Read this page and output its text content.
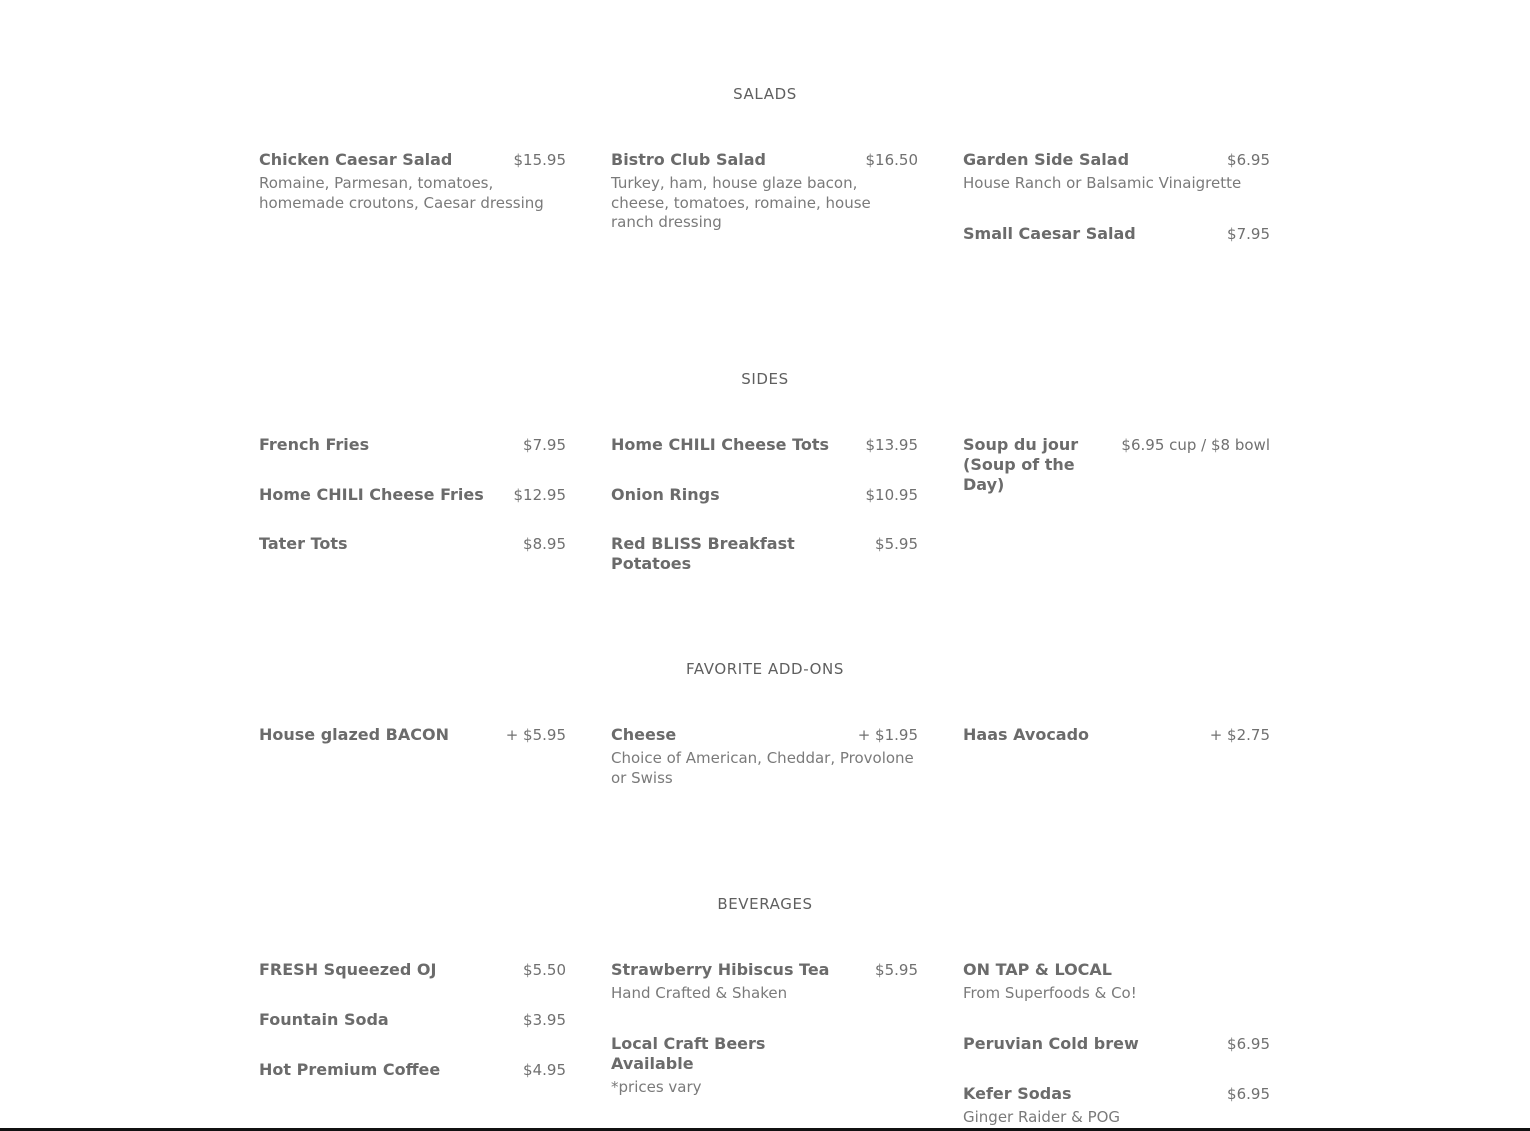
SALADS
Chicken Caesar Salad	$15.95
Romaine, Parmesan, tomatoes, homemade croutons, Caesar dressing
Bistro Club Salad	$16.50
Turkey, ham, house glaze bacon, cheese, tomatoes, romaine, house ranch dressing
Garden Side Salad	$6.95
House Ranch or Balsamic Vinaigrette
Small Caesar Salad	$7.95
SIDES
French Fries	$7.95
Home CHILI Cheese Fries	$12.95
Tater Tots	$8.95
Home CHILI Cheese Tots	$13.95
Onion Rings	$10.95
Red BLISS Breakfast Potatoes
$5.95
Soup du jour (Soup of the Day)
$6.95 cup / $8 bowl
FAVORITE ADD-ONS
House glazed BACON	+ $5.95	Cheese	+ $1.95
Choice of American, Cheddar, Provolone or Swiss
Haas Avocado	+ $2.75
BEVERAGES
FRESH Squeezed OJ	$5.50
Fountain Soda	$3.95
Hot Premium Coffee	$4.95
Strawberry Hibiscus Tea	$5.95
Hand Crafted & Shaken
Local Craft Beers Available
*prices vary
ON TAP & LOCAL
From Superfoods & Co!
Peruvian Cold brew	$6.95
Kefer Sodas	$6.95
Ginger Raider & POG
